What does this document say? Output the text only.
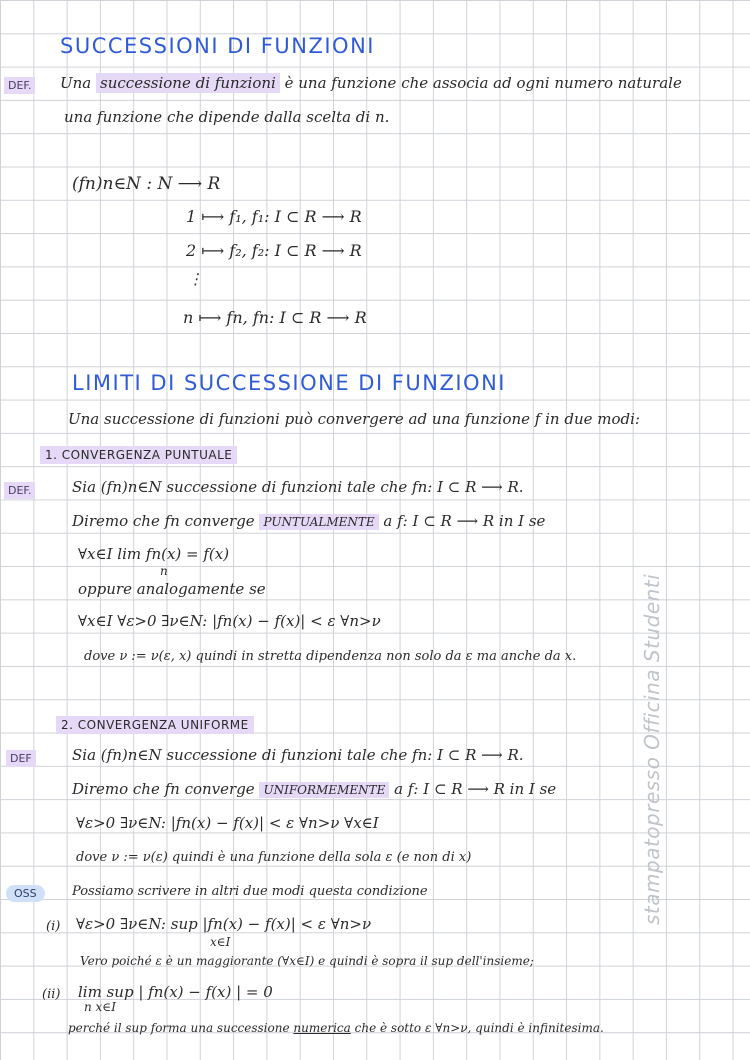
SUCCESSIONI DI FUNZIONI
DEF. Una successione di funzioni è una funzione che associa ad ogni numero naturale
una funzione che dipende dalla scelta di n.
(fn)n∈N : N ⟶ R
1 ⟼ f₁, f₁: I ⊂ R ⟶ R
2 ⟼ f₂, f₂: I ⊂ R ⟶ R
⋮
n ⟼ fn, fn: I ⊂ R ⟶ R
LIMITI DI SUCCESSIONE DI FUNZIONI
Una successione di funzioni può convergere ad una funzione f in due modi:
1. CONVERGENZA PUNTUALE
DEF.	Sia (fn)n∈N successione di funzioni tale che fn: I ⊂ R ⟶ R.
Diremo che fn converge PUNTUALMENTE a f: I ⊂ R ⟶ R in I se
∀x∈I lim fn(x) = f(x)
n
oppure analogamente se
∀x∈I ∀ε>0 ∃ν∈N: |fn(x) − f(x)| < ε ∀n>ν
dove ν := ν(ε, x) quindi in stretta dipendenza non solo da ε ma anche da x.
2. CONVERGENZA UNIFORME
DEF	Sia (fn)n∈N successione di funzioni tale che fn: I ⊂ R ⟶ R.
Diremo che fn converge UNIFORMEMENTE a f: I ⊂ R ⟶ R in I se
∀ε>0 ∃ν∈N: |fn(x) − f(x)| < ε ∀n>ν ∀x∈I
dove ν := ν(ε) quindi è una funzione della sola ε (e non di x)
OSS	Possiamo scrivere in altri due modi questa condizione
(i) ∀ε>0 ∃ν∈N: sup |fn(x) − f(x)| < ε ∀n>ν
x∈I
Vero poiché ε è un maggiorante (∀x∈I) e quindi è sopra il sup dell'insieme;
(ii) lim sup | fn(x) − f(x) | = 0
n x∈I
perché il sup forma una successione numerica che è sotto ε ∀n>ν, quindi è infinitesima.
stampatopresso Officina Studenti
